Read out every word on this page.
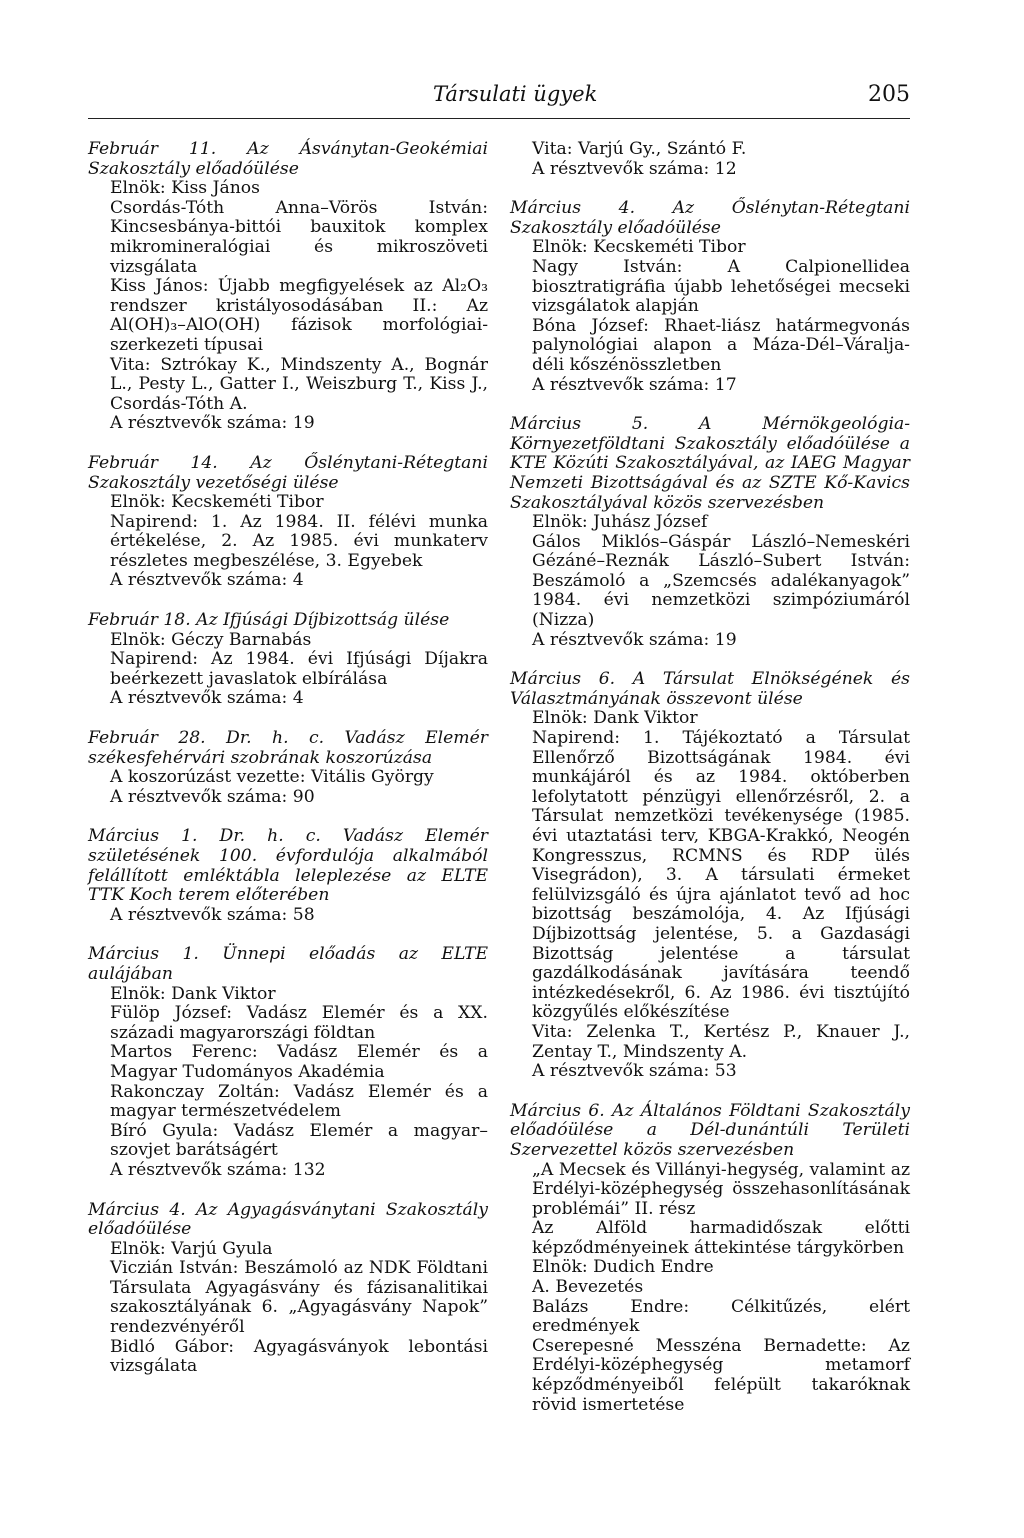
Társulati ügyek	205

Február 11. Az Ásványtan-Geokémiai Szakosztály előadóülése

Elnök: Kiss János

Csordás-Tóth Anna–Vörös István: Kincsesbánya-bittói bauxitok komplex mikromineralógiai és mikroszöveti vizsgálata

Kiss János: Újabb megfigyelések az Al₂O₃ rendszer kristályosodásában II.: Az Al(OH)₃–AlO(OH) fázisok morfológiai-szerkezeti típusai

Vita: Sztrókay K., Mindszenty A., Bognár L., Pesty L., Gatter I., Weiszburg T., Kiss J., Csordás-Tóth A.

A résztvevők száma: 19

Február 14. Az Őslénytani-Rétegtani Szakosztály vezetőségi ülése

Elnök: Kecskeméti Tibor

Napirend: 1. Az 1984. II. félévi munka értékelése, 2. Az 1985. évi munkaterv részletes megbeszélése, 3. Egyebek

A résztvevők száma: 4

Február 18. Az Ifjúsági Díjbizottság ülése

Elnök: Géczy Barnabás

Napirend: Az 1984. évi Ifjúsági Díjakra beérkezett javaslatok elbírálása

A résztvevők száma: 4

Február 28. Dr. h. c. Vadász Elemér székesfehérvári szobrának koszorúzása

A koszorúzást vezette: Vitális György

A résztvevők száma: 90

Március 1. Dr. h. c. Vadász Elemér születésének 100. évfordulója alkalmából felállított emléktábla leleplezése az ELTE TTK Koch terem előterében

A résztvevők száma: 58

Március 1. Ünnepi előadás az ELTE aulájában

Elnök: Dank Viktor

Fülöp József: Vadász Elemér és a XX. századi magyarországi földtan

Martos Ferenc: Vadász Elemér és a Magyar Tudományos Akadémia

Rakonczay Zoltán: Vadász Elemér és a magyar természetvédelem

Bíró Gyula: Vadász Elemér a magyar–szovjet barátságért

A résztvevők száma: 132

Március 4. Az Agyagásványtani Szakosztály előadóülése

Elnök: Varjú Gyula

Viczián István: Beszámoló az NDK Földtani Társulata Agyagásvány és fázisanalitikai szakosztályának 6. „Agyagásvány Napok” rendezvényéről

Bidló Gábor: Agyagásványok lebontási vizsgálata

Vita: Varjú Gy., Szántó F.

A résztvevők száma: 12

Március 4. Az Őslénytan-Rétegtani Szakosztály előadóülése

Elnök: Kecskeméti Tibor

Nagy István: A Calpionellidea biosztratigráfia újabb lehetőségei mecseki vizsgálatok alapján

Bóna József: Rhaet-liász határmegvonás palynológiai alapon a Máza-Dél–Váralja-déli kőszénösszletben

A résztvevők száma: 17

Március 5. A Mérnökgeológia-Környezetföldtani Szakosztály előadóülése a KTE Közúti Szakosztályával, az IAEG Magyar Nemzeti Bizottságával és az SZTE Kő-Kavics Szakosztályával közös szervezésben

Elnök: Juhász József

Gálos Miklós–Gáspár László–Nemeskéri Gézáné–Reznák László–Subert István: Beszámoló a „Szemcsés adalékanyagok” 1984. évi nemzetközi szimpóziumáról (Nizza)

A résztvevők száma: 19

Március 6. A Társulat Elnökségének és Választmányának összevont ülése

Elnök: Dank Viktor

Napirend: 1. Tájékoztató a Társulat Ellenőrző Bizottságának 1984. évi munkájáról és az 1984. októberben lefolytatott pénzügyi ellenőrzésről, 2. a Társulat nemzetközi tevékenysége (1985. évi utaztatási terv, KBGA-Krakkó, Neogén Kongresszus, RCMNS és RDP ülés Visegrádon), 3. A társulati érmeket felülvizsgáló és újra ajánlatot tevő ad hoc bizottság beszámolója, 4. Az Ifjúsági Díjbizottság jelentése, 5. a Gazdasági Bizottság jelentése a társulat gazdálkodásának javítására teendő intézkedésekről, 6. Az 1986. évi tisztújító közgyűlés előkészítése

Vita: Zelenka T., Kertész P., Knauer J., Zentay T., Mindszenty A.

A résztvevők száma: 53

Március 6. Az Általános Földtani Szakosztály előadóülése a Dél-dunántúli Területi Szervezettel közös szervezésben

„A Mecsek és Villányi-hegység, valamint az Erdélyi-középhegység összehasonlításának problémái” II. rész

Az Alföld harmadidőszak előtti képződményeinek áttekintése tárgykörben

Elnök: Dudich Endre

A. Bevezetés

Balázs Endre: Célkitűzés, elért eredmények

Cserepesné Messzéna Bernadette: Az Erdélyi-középhegység metamorf képződményeiből felépült takaróknak rövid ismertetése
